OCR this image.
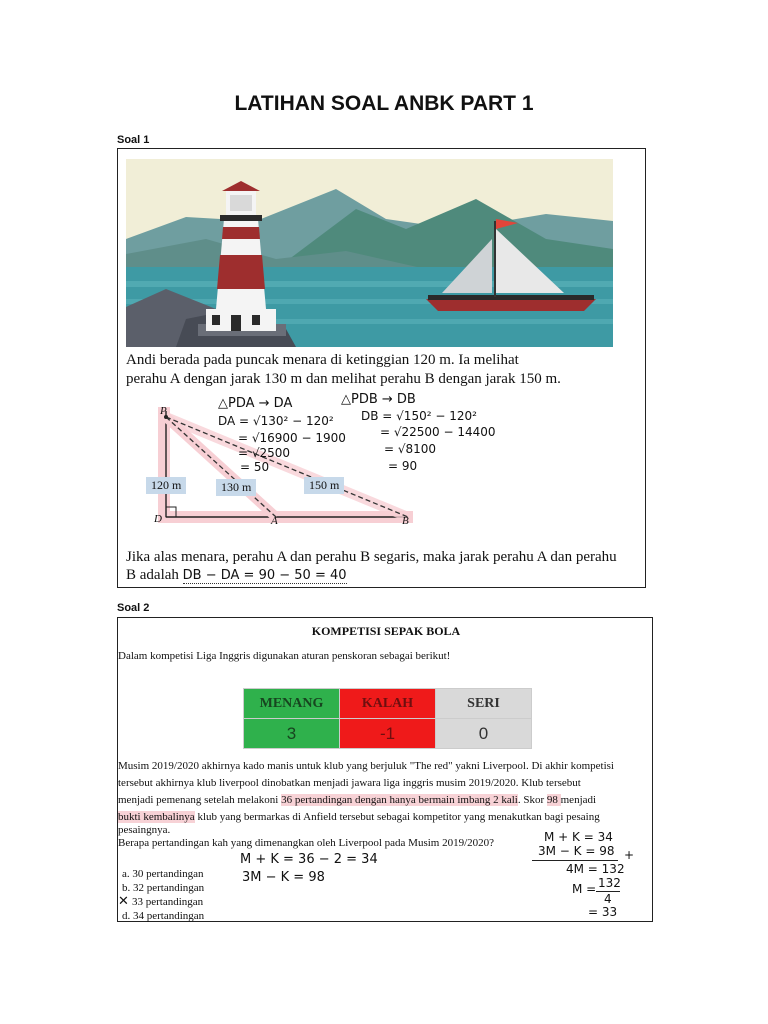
LATIHAN SOAL ANBK PART 1
Soal 1
Andi berada pada puncak menara di ketinggian 120 m. Ia melihat
perahu A dengan jarak 130 m dan melihat perahu B dengan jarak 150 m.
P
D	A	B
120 m	130 m	150 m
△PDA → DA
DA = √130² − 120²
= √16900 − 1900
= √2500
= 50
△PDB → DB
DB = √150² − 120²
= √22500 − 14400
= √8100
= 90
Jika alas menara, perahu A dan perahu B segaris, maka jarak perahu A dan perahu
B adalah DB − DA = 90 − 50 = 40
Soal 2
KOMPETISI SEPAK BOLA
Dalam kompetisi Liga Inggris digunakan aturan penskoran sebagai berikut!
MENANG	KALAH	SERI
3	-1	0
Musim 2019/2020 akhirnya kado manis untuk klub yang berjuluk "The red" yakni Liverpool. Di akhir kompetisi
tersebut akhirnya klub liverpool dinobatkan menjadi jawara liga inggris musim 2019/2020. Klub tersebut
menjadi pemenang setelah melakoni 36 pertandingan dengan hanya bermain imbang 2 kali. Skor 98 menjadi
bukti kembalinya klub yang bermarkas di Anfield tersebut sebagai kompetitor yang menakutkan bagi pesaing
pesaingnya.
Berapa pertandingan kah yang dimenangkan oleh Liverpool pada Musim 2019/2020?
a. 30 pertandingan
b. 32 pertandingan
✕ 33 pertandingan
d. 34 pertandingan
M + K = 36 − 2 = 34
3M − K = 98
M + K = 34
3M − K = 98
4M = 132
+
M = 132
4
= 33
